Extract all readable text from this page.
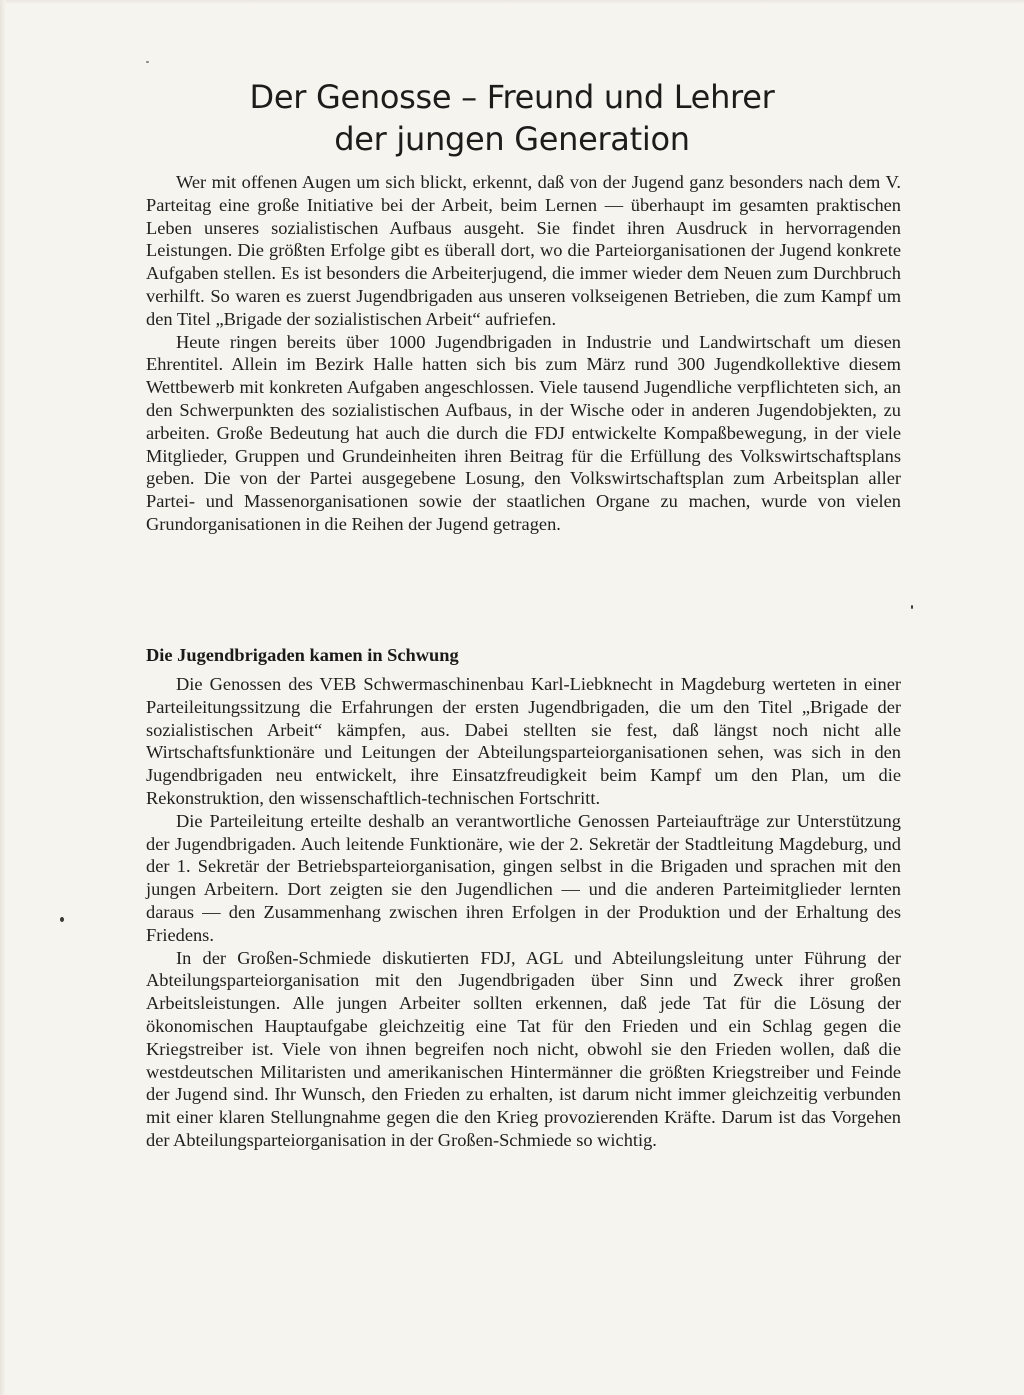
Der Genosse – Freund und Lehrer
der jungen Generation

Wer mit offenen Augen um sich blickt, erkennt, daß von der Jugend ganz besonders nach dem V. Parteitag eine große Initiative bei der Arbeit, beim Lernen — überhaupt im gesamten praktischen Leben unseres sozialistischen Aufbaus ausgeht. Sie findet ihren Ausdruck in hervorragenden Leistungen. Die größten Erfolge gibt es überall dort, wo die Parteiorganisationen der Jugend konkrete Aufgaben stellen. Es ist besonders die Arbeiterjugend, die immer wieder dem Neuen zum Durchbruch verhilft. So waren es zuerst Jugendbrigaden aus unseren volkseigenen Betrieben, die zum Kampf um den Titel „Brigade der sozialistischen Arbeit“ aufriefen.

Heute ringen bereits über 1000 Jugendbrigaden in Industrie und Landwirtschaft um diesen Ehrentitel. Allein im Bezirk Halle hatten sich bis zum März rund 300 Jugendkollektive diesem Wettbewerb mit konkreten Aufgaben angeschlossen. Viele tausend Jugendliche verpflichteten sich, an den Schwerpunkten des sozialistischen Aufbaus, in der Wische oder in anderen Jugendobjekten, zu arbeiten. Große Bedeutung hat auch die durch die FDJ entwickelte Kompaßbewegung, in der viele Mitglieder, Gruppen und Grundeinheiten ihren Beitrag für die Erfüllung des Volkswirtschaftsplans geben. Die von der Partei ausgegebene Losung, den Volkswirtschaftsplan zum Arbeitsplan aller Partei- und Massenorganisationen sowie der staatlichen Organe zu machen, wurde von vielen Grundorganisationen in die Reihen der Jugend getragen.

Die Jugendbrigaden kamen in Schwung

Die Genossen des VEB Schwermaschinenbau Karl-Liebknecht in Magdeburg werteten in einer Parteileitungssitzung die Erfahrungen der ersten Jugendbrigaden, die um den Titel „Brigade der sozialistischen Arbeit“ kämpfen, aus. Dabei stellten sie fest, daß längst noch nicht alle Wirtschaftsfunktionäre und Leitungen der Abteilungsparteiorganisationen sehen, was sich in den Jugendbrigaden neu entwickelt, ihre Einsatzfreudigkeit beim Kampf um den Plan, um die Rekonstruktion, den wissenschaftlich-technischen Fortschritt.

Die Parteileitung erteilte deshalb an verantwortliche Genossen Parteiaufträge zur Unterstützung der Jugendbrigaden. Auch leitende Funktionäre, wie der 2. Sekretär der Stadtleitung Magdeburg, und der 1. Sekretär der Betriebsparteiorganisation, gingen selbst in die Brigaden und sprachen mit den jungen Arbeitern. Dort zeigten sie den Jugendlichen — und die anderen Parteimitglieder lernten daraus — den Zusammenhang zwischen ihren Erfolgen in der Produktion und der Erhaltung des Friedens.

In der Großen-Schmiede diskutierten FDJ, AGL und Abteilungsleitung unter Führung der Abteilungsparteiorganisation mit den Jugendbrigaden über Sinn und Zweck ihrer großen Arbeitsleistungen. Alle jungen Arbeiter sollten erkennen, daß jede Tat für die Lösung der ökonomischen Hauptaufgabe gleichzeitig eine Tat für den Frieden und ein Schlag gegen die Kriegstreiber ist. Viele von ihnen begreifen noch nicht, obwohl sie den Frieden wollen, daß die westdeutschen Militaristen und amerikanischen Hintermänner die größten Kriegstreiber und Feinde der Jugend sind. Ihr Wunsch, den Frieden zu erhalten, ist darum nicht immer gleichzeitig verbunden mit einer klaren Stellungnahme gegen die den Krieg provozierenden Kräfte. Darum ist das Vorgehen der Abteilungsparteiorganisation in der Großen-Schmiede so wichtig.
